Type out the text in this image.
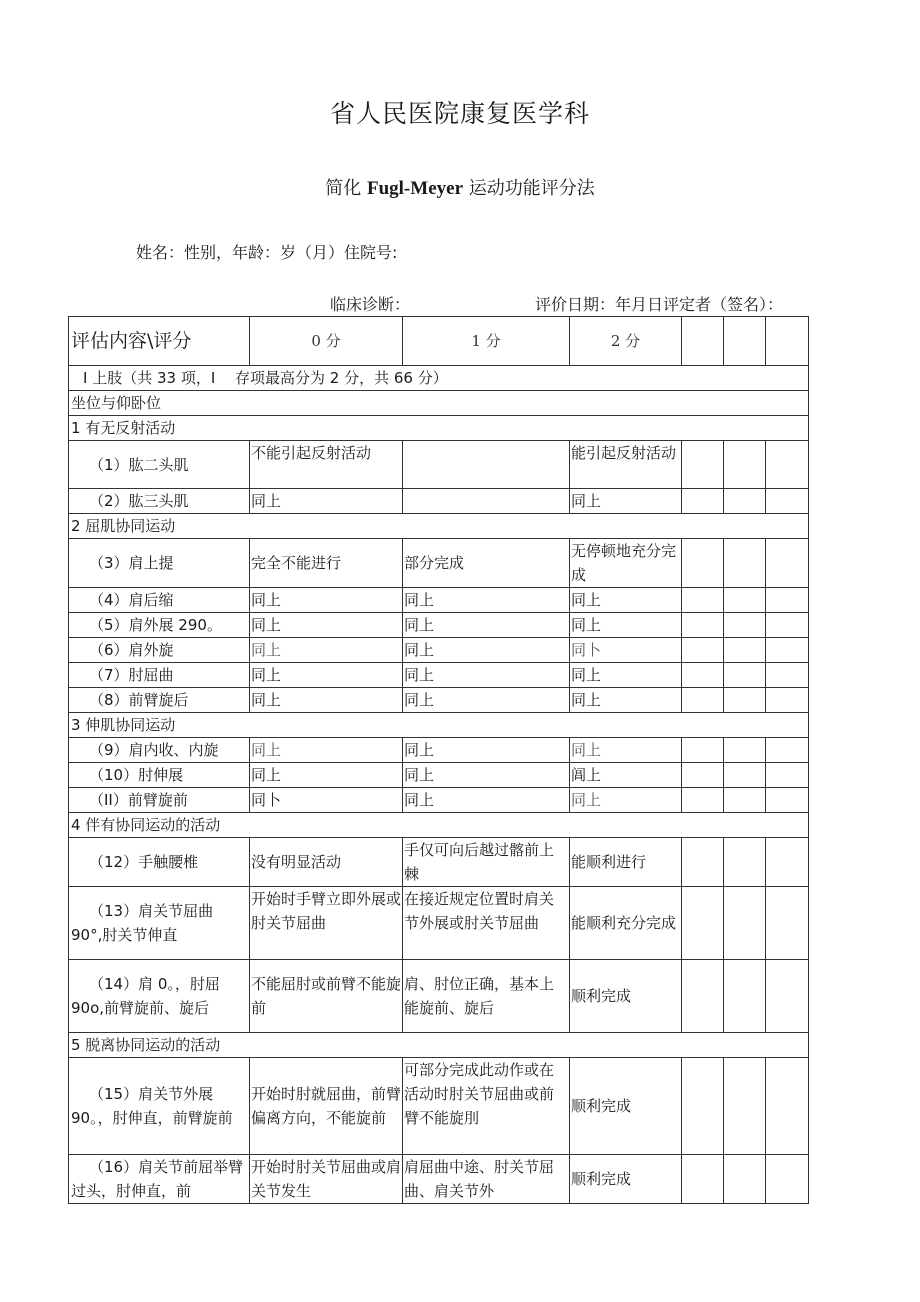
省人民医院康复医学科
简化 Fugl-Meyer 运动功能评分法
姓名：性别，年龄：岁（月）住院号:
临床诊断：	评价日期：年月日评定者（签名）：
评估内容\评分	0 分	1 分	2 分			
I 上肢（共 33 项，I　 存项最高分为 2 分，共 66 分）						
坐位与仰卧位						
1 有无反射活动						
（1）肱二头肌	不能引起反射活动		能引起反射活动			
（2）肱三头肌	同上		同上			
2 屈肌协同运动						
（3）肩上提	完全不能进行	部分完成	无停顿地充分完成			
（4）肩后缩	同上	同上	同上			
（5）肩外展 290。	同上	同上	同上			
（6）肩外旋	同上	同上	同卜			
（7）肘屈曲	同上	同上	同上			
（8）前臂旋后	同上	同上	同上			
3 伸肌协同运动						
（9）肩内收、内旋	同上	同上	同上			
（10）肘伸展	同上	同上	阊上			
（II）前臂旋前	同卜	同上	同上			
4 伴有协同运动的活动						
（12）手触腰椎	没有明显活动	手仅可向后越过髂前上棘	能顺利进行			
（13）肩关节屈曲 90°,肘关节伸直	开始时手臂立即外展或肘关节屈曲	在接近规定位置时肩关节外展或肘关节屈曲	能顺利充分完成			
（14）肩 0。，肘屈 90o,前臂旋前、旋后	不能屈肘或前臂不能旋前	肩、肘位正确，基本上能旋前、旋后	顺利完成			
5 脱离协同运动的活动						
（15）肩关节外展 90。，肘伸直，前臂旋前	开始时肘就屈曲，前臂偏离方向，不能旋前	可部分完成此动作或在活动时肘关节屈曲或前臂不能旋刖	顺利完成			
（16）肩关节前屈举臂过头，肘伸直，前	开始时肘关节屈曲或肩关节发生	肩屈曲中途、肘关节屈曲、肩关节外	顺利完成			
